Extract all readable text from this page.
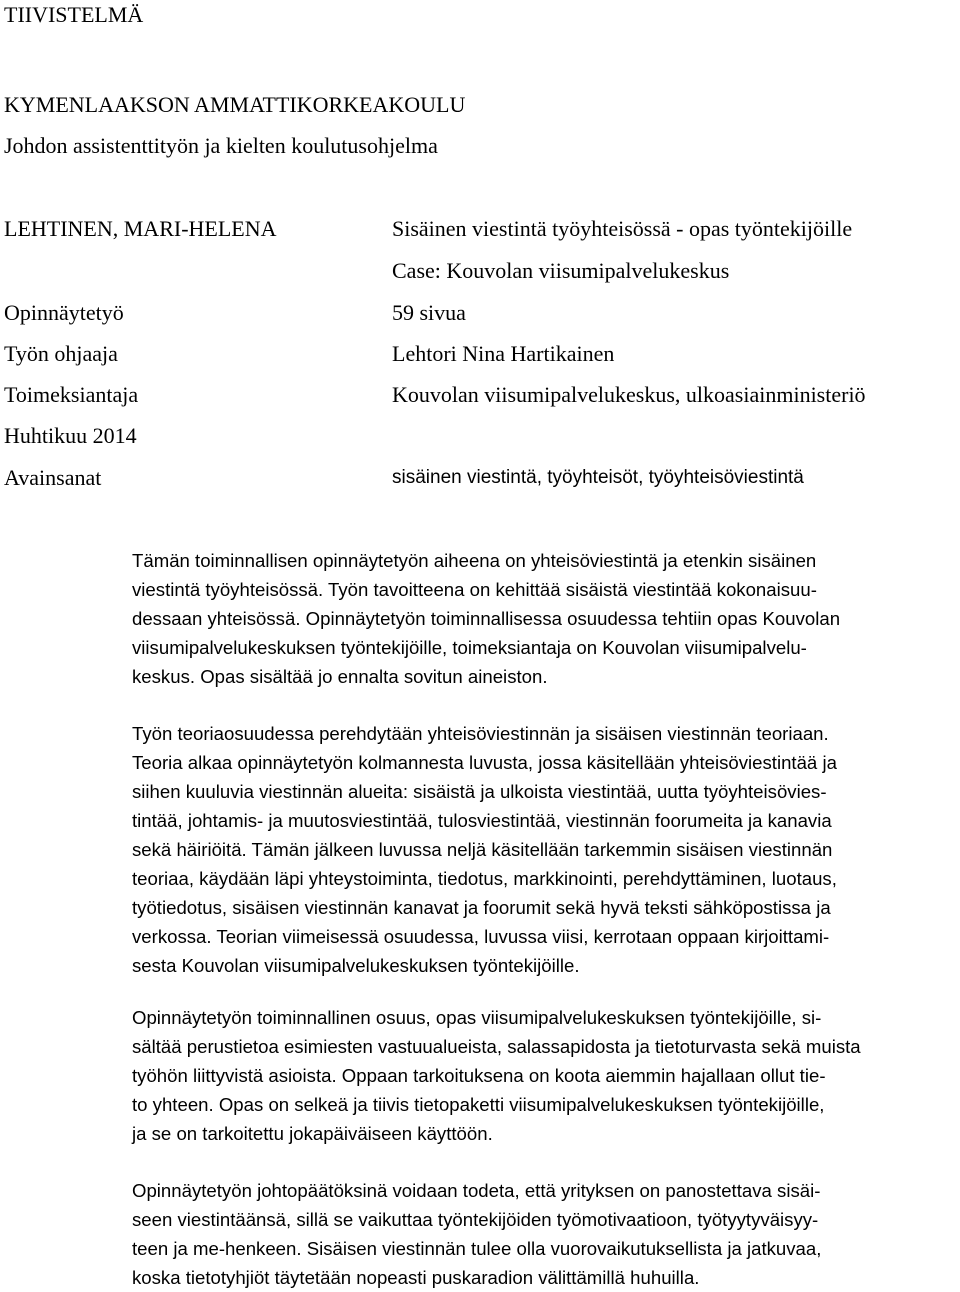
TIIVISTELMÄ
KYMENLAAKSON AMMATTIKORKEAKOULU
Johdon assistenttityön ja kielten koulutusohjelma
LEHTINEN, MARI-HELENA	Sisäinen viestintä työyhteisössä - opas työntekijöille
Case: Kouvolan viisumipalvelukeskus
Opinnäytetyö	59 sivua
Työn ohjaaja	Lehtori Nina Hartikainen
Toimeksiantaja	Kouvolan viisumipalvelukeskus, ulkoasiainministeriö
Huhtikuu 2014
Avainsanat	sisäinen viestintä, työyhteisöt, työyhteisöviestintä
Tämän toiminnallisen opinnäytetyön aiheena on yhteisöviestintä ja etenkin sisäinen
viestintä työyhteisössä. Työn tavoitteena on kehittää sisäistä viestintää kokonaisuu-
dessaan yhteisössä. Opinnäytetyön toiminnallisessa osuudessa tehtiin opas Kouvolan
viisumipalvelukeskuksen työntekijöille, toimeksiantaja on Kouvolan viisumipalvelu-
keskus. Opas sisältää jo ennalta sovitun aineiston.
Työn teoriaosuudessa perehdytään yhteisöviestinnän ja sisäisen viestinnän teoriaan.
Teoria alkaa opinnäytetyön kolmannesta luvusta, jossa käsitellään yhteisöviestintää ja
siihen kuuluvia viestinnän alueita: sisäistä ja ulkoista viestintää, uutta työyhteisövies-
tintää, johtamis- ja muutosviestintää, tulosviestintää, viestinnän foorumeita ja kanavia
sekä häiriöitä. Tämän jälkeen luvussa neljä käsitellään tarkemmin sisäisen viestinnän
teoriaa, käydään läpi yhteystoiminta, tiedotus, markkinointi, perehdyttäminen, luotaus,
työtiedotus, sisäisen viestinnän kanavat ja foorumit sekä hyvä teksti sähköpostissa ja
verkossa. Teorian viimeisessä osuudessa, luvussa viisi, kerrotaan oppaan kirjoittami-
sesta Kouvolan viisumipalvelukeskuksen työntekijöille.
Opinnäytetyön toiminnallinen osuus, opas viisumipalvelukeskuksen työntekijöille, si-
sältää perustietoa esimiesten vastuualueista, salassapidosta ja tietoturvasta sekä muista
työhön liittyvistä asioista. Oppaan tarkoituksena on koota aiemmin hajallaan ollut tie-
to yhteen. Opas on selkeä ja tiivis tietopaketti viisumipalvelukeskuksen työntekijöille,
ja se on tarkoitettu jokapäiväiseen käyttöön.
Opinnäytetyön johtopäätöksinä voidaan todeta, että yrityksen on panostettava sisäi-
seen viestintäänsä, sillä se vaikuttaa työntekijöiden työmotivaatioon, työtyytyväisyy-
teen ja me-henkeen. Sisäisen viestinnän tulee olla vuorovaikutuksellista ja jatkuvaa,
koska tietotyhjiöt täytetään nopeasti puskaradion välittämillä huhuilla.
